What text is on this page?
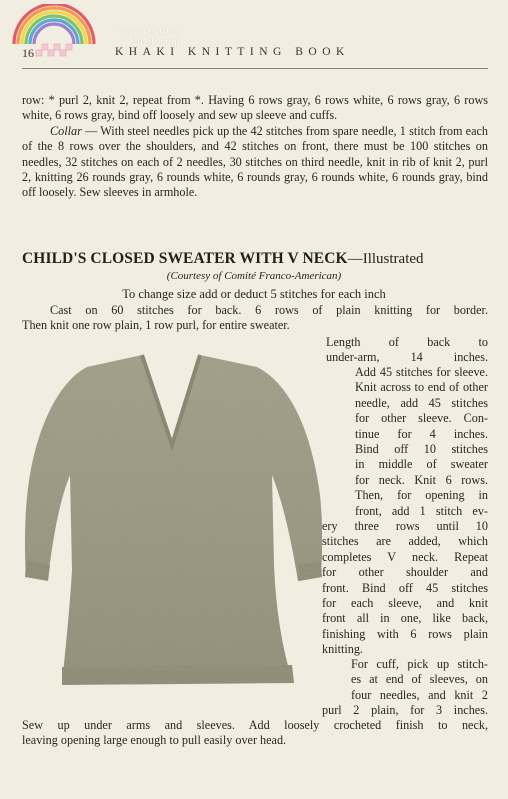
www.chcross
stitch.com
16	KHAKI KNITTING BOOK

row: * purl 2, knit 2, repeat from *. Having 6 rows gray, 6 rows white, 6 rows gray, 6 rows white, 6 rows gray, bind off loosely and sew up sleeve and cuffs.

Collar — With steel needles pick up the 42 stitches from spare needle, 1 stitch from each of the 8 rows over the shoulders, and 42 stitches on front, there must be 100 stitches on needles, 32 stitches on each of 2 needles, 30 stitches on third needle, knit in rib of knit 2, purl 2, knitting 26 rounds gray, 6 rounds white, 6 rounds gray, 6 rounds white, 6 rounds gray, bind off loosely. Sew sleeves in armhole.

CHILD'S CLOSED SWEATER WITH V NECK—Illustrated
(Courtesy of Comité Franco-American)
To change size add or deduct 5 stitches for each inch

Cast on 60 stitches for back. 6 rows of plain knitting for border.

Then knit one row plain, 1 row purl, for entire sweater.

Length of back to
under-arm, 14 inches.
Add 45 stitches for sleeve.
Knit across to end of other
needle, add 45 stitches
for other sleeve. Con-
tinue for 4 inches.
Bind off 10 stitches
in middle of sweater
for neck. Knit 6 rows.
Then, for opening in
front, add 1 stitch ev-
ery three rows until 10
stitches are added, which
completes V neck. Repeat
for other shoulder and
front. Bind off 45 stitches
for each sleeve, and knit
front all in one, like back,
finishing with 6 rows plain
knitting.
For cuff, pick up stitch-
es at end of sleeves, on
four needles, and knit 2
purl 2 plain, for 3 inches.
Sew up under arms and sleeves. Add loosely crocheted finish to neck,
leaving opening large enough to pull easily over head.
